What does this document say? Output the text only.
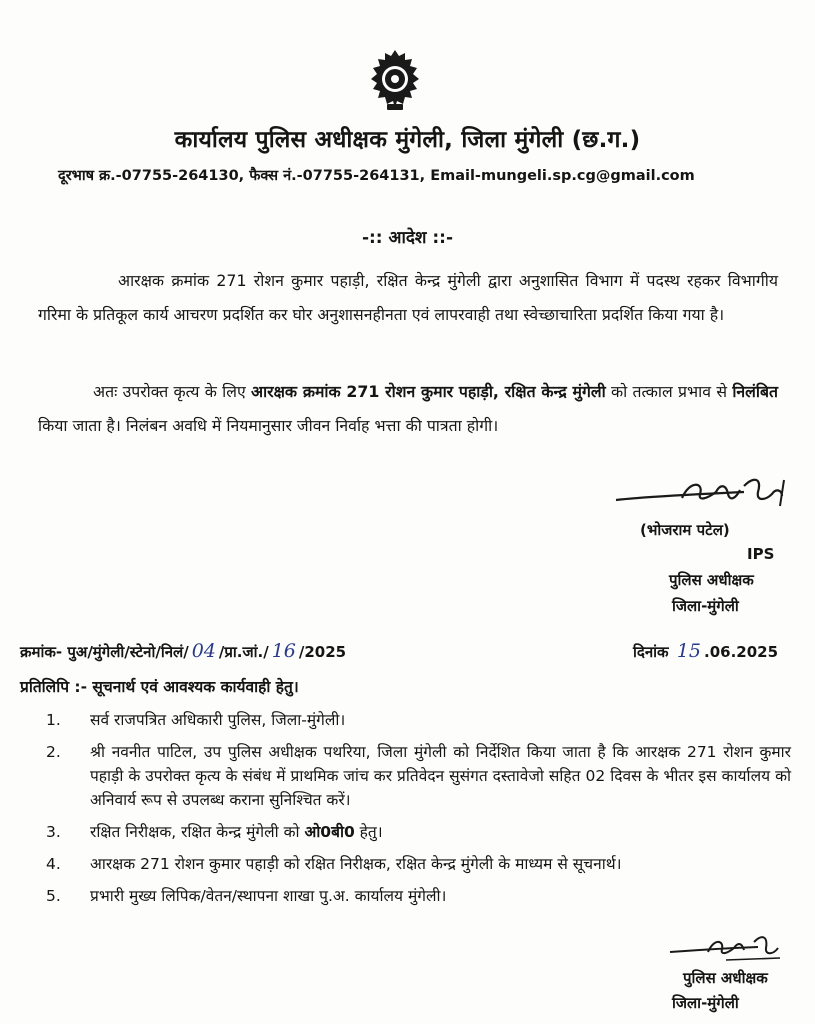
कार्यालय पुलिस अधीक्षक मुंगेली, जिला मुंगेली (छ.ग.)
दूरभाष क्र.-07755-264130, फैक्स नं.-07755-264131, Email-mungeli.sp.cg@gmail.com
-:: आदेश ::-

आरक्षक क्रमांक 271 रोशन कुमार पहाड़ी, रक्षित केन्द्र मुंगेली द्वारा अनुशासित विभाग में पदस्थ रहकर विभागीय गरिमा के प्रतिकूल कार्य आचरण प्रदर्शित कर घोर अनुशासनहीनता एवं लापरवाही तथा स्वेच्छाचारिता प्रदर्शित किया गया है।

अतः उपरोक्त कृत्य के लिए आरक्षक क्रमांक 271 रोशन कुमार पहाड़ी, रक्षित केन्द्र मुंगेली को तत्काल प्रभाव से निलंबित किया जाता है। निलंबन अवधि में नियमानुसार जीवन निर्वाह भत्ता की पात्रता होगी।

(भोजराम पटेल)
IPS
पुलिस अधीक्षक
जिला-मुंगेली
क्रमांक- पुअ/मुंगेली/स्टेनो/निलं/ 04 /प्रा.जां./ 16 /2025	दिनांक 15 .06.2025
प्रतिलिपि :- सूचनार्थ एवं आवश्यक कार्यवाही हेतु।
1. सर्व राजपत्रित अधिकारी पुलिस, जिला-मुंगेली।
2. श्री नवनीत पाटिल, उप पुलिस अधीक्षक पथरिया, जिला मुंगेली को निर्देशित किया जाता है कि आरक्षक 271 रोशन कुमार पहाड़ी के उपरोक्त कृत्य के संबंध में प्राथमिक जांच कर प्रतिवेदन सुसंगत दस्तावेजो सहित 02 दिवस के भीतर इस कार्यालय को अनिवार्य रूप से उपलब्ध कराना सुनिश्चित करें।
3. रक्षित निरीक्षक, रक्षित केन्द्र मुंगेली को ओ0बी0 हेतु।
4. आरक्षक 271 रोशन कुमार पहाड़ी को रक्षित निरीक्षक, रक्षित केन्द्र मुंगेली के माध्यम से सूचनार्थ।
5. प्रभारी मुख्य लिपिक/वेतन/स्थापना शाखा पु.अ. कार्यालय मुंगेली।
पुलिस अधीक्षक
जिला-मुंगेली
